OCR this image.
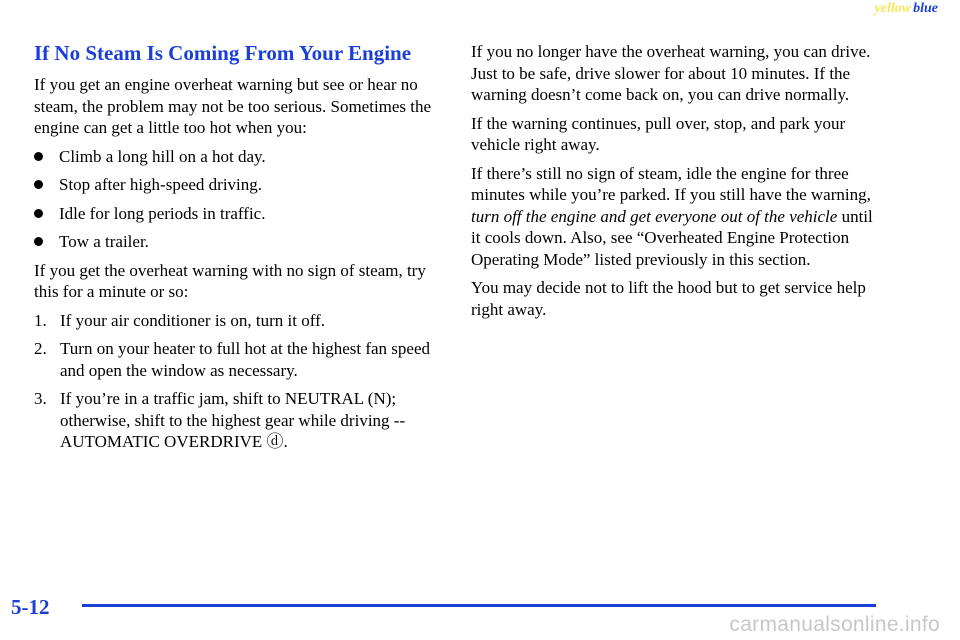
yellow blue
If No Steam Is Coming From Your Engine

If you get an engine overheat warning but see or hear no steam, the problem may not be too serious. Sometimes the engine can get a little too hot when you:

Climb a long hill on a hot day.
Stop after high-speed driving.
Idle for long periods in traffic.
Tow a trailer.

If you get the overheat warning with no sign of steam, try this for a minute or so:

1. If your air conditioner is on, turn it off.
2. Turn on your heater to full hot at the highest fan speed and open the window as necessary.
3. If you’re in a traffic jam, shift to NEUTRAL (N); otherwise, shift to the highest gear while driving -- AUTOMATIC OVERDRIVE ⓓ.

If you no longer have the overheat warning, you can drive. Just to be safe, drive slower for about 10 minutes. If the warning doesn’t come back on, you can drive normally.

If the warning continues, pull over, stop, and park your vehicle right away.

If there’s still no sign of steam, idle the engine for three minutes while you’re parked. If you still have the warning, turn off the engine and get everyone out of the vehicle until it cools down. Also, see “Overheated Engine Protection Operating Mode” listed previously in this section.

You may decide not to lift the hood but to get service help right away.

5-12
carmanualsonline.info
